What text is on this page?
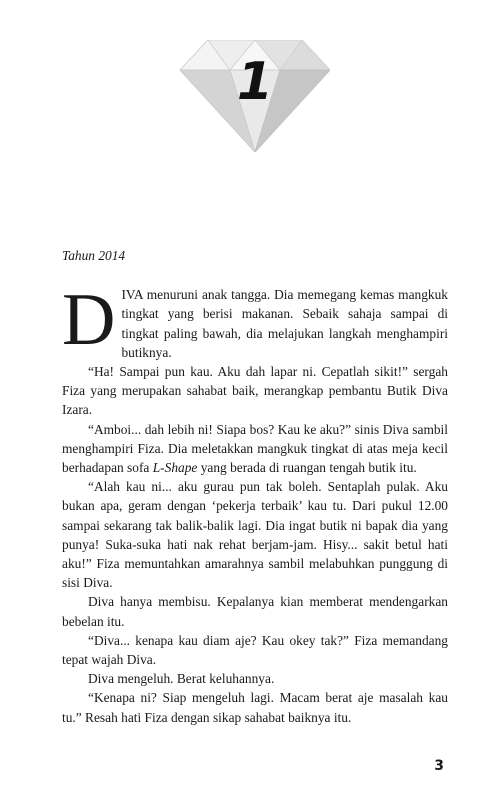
1
Tahun 2014

DIVA menuruni anak tangga. Dia memegang kemas mangkuk tingkat yang berisi makanan. Sebaik sahaja sampai di tingkat paling bawah, dia melajukan langkah menghampiri butiknya.

“Ha! Sampai pun kau. Aku dah lapar ni. Cepatlah sikit!” sergah Fiza yang merupakan sahabat baik, merangkap pembantu Butik Diva Izara.

“Amboi... dah lebih ni! Siapa bos? Kau ke aku?” sinis Diva sambil menghampiri Fiza. Dia meletakkan mangkuk tingkat di atas meja kecil berhadapan sofa L-Shape yang berada di ruangan tengah butik itu.

“Alah kau ni... aku gurau pun tak boleh. Sentaplah pulak. Aku bukan apa, geram dengan ‘pekerja terbaik’ kau tu. Dari pukul 12.00 sampai sekarang tak balik-balik lagi. Dia ingat butik ni bapak dia yang punya! Suka-suka hati nak rehat berjam-jam. Hisy... sakit betul hati aku!” Fiza memuntahkan amarahnya sambil melabuhkan punggung di sisi Diva.

Diva hanya membisu. Kepalanya kian memberat mendengarkan bebelan itu.

“Diva... kenapa kau diam aje? Kau okey tak?” Fiza memandang tepat wajah Diva.

Diva mengeluh. Berat keluhannya.

“Kenapa ni? Siap mengeluh lagi. Macam berat aje masalah kau tu.” Resah hati Fiza dengan sikap sahabat baiknya itu.

3
